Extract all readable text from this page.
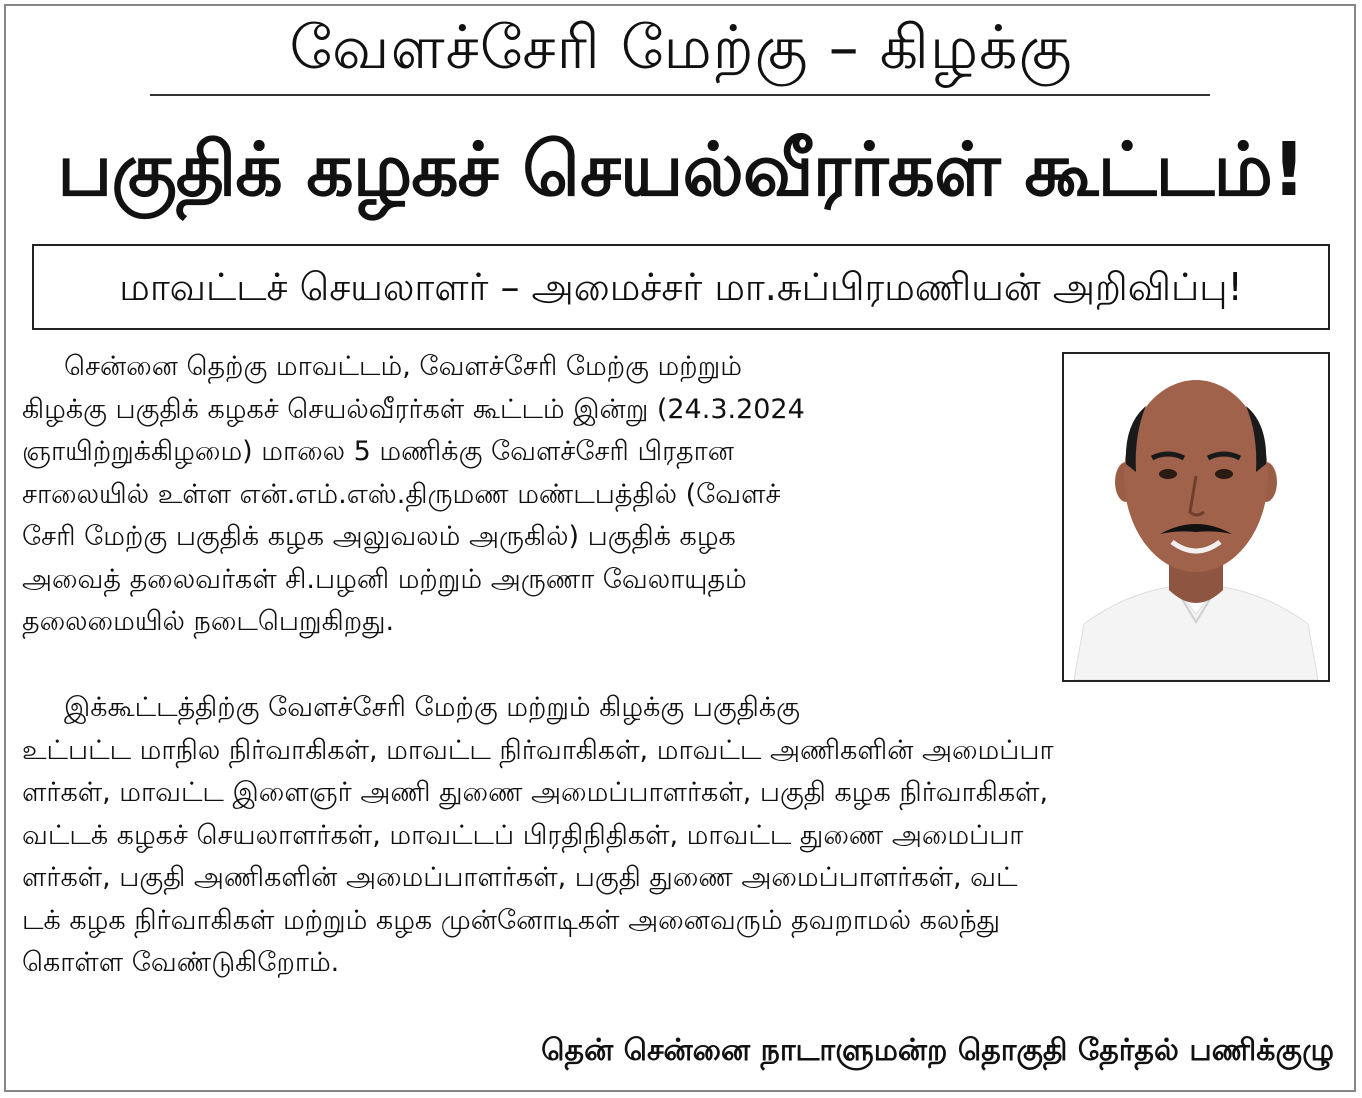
வேளச்சேரி மேற்கு – கிழக்கு
பகுதிக் கழகச் செயல்வீரர்கள் கூட்டம்!
மாவட்டச் செயலாளர் – அமைச்சர் மா.சுப்பிரமணியன் அறிவிப்பு!
சென்னை தெற்கு மாவட்டம், வேளச்சேரி மேற்கு மற்றும்
கிழக்கு பகுதிக் கழகச் செயல்வீரர்கள் கூட்டம் இன்று (24.3.2024
ஞாயிற்றுக்கிழமை) மாலை 5 மணிக்கு வேளச்சேரி பிரதான
சாலையில் உள்ள என்.எம்.எஸ்.திருமண மண்டபத்தில் (வேளச்
சேரி மேற்கு பகுதிக் கழக அலுவலம் அருகில்) பகுதிக் கழக
அவைத் தலைவர்கள் சி.பழனி மற்றும் அருணா வேலாயுதம்
தலைமையில் நடைபெறுகிறது.
இக்கூட்டத்திற்கு வேளச்சேரி மேற்கு மற்றும் கிழக்கு பகுதிக்கு
உட்பட்ட மாநில நிர்வாகிகள், மாவட்ட நிர்வாகிகள், மாவட்ட அணிகளின் அமைப்பா
ளர்கள், மாவட்ட இளைஞர் அணி துணை அமைப்பாளர்கள், பகுதி கழக நிர்வாகிகள்,
வட்டக் கழகச் செயலாளர்கள், மாவட்டப் பிரதிநிதிகள், மாவட்ட துணை அமைப்பா
ளர்கள், பகுதி அணிகளின் அமைப்பாளர்கள், பகுதி துணை அமைப்பாளர்கள், வட்
டக் கழக நிர்வாகிகள் மற்றும் கழக முன்னோடிகள் அனைவரும் தவறாமல் கலந்து
கொள்ள வேண்டுகிறோம்.
தென் சென்னை நாடாளுமன்ற தொகுதி தேர்தல் பணிக்குழு
